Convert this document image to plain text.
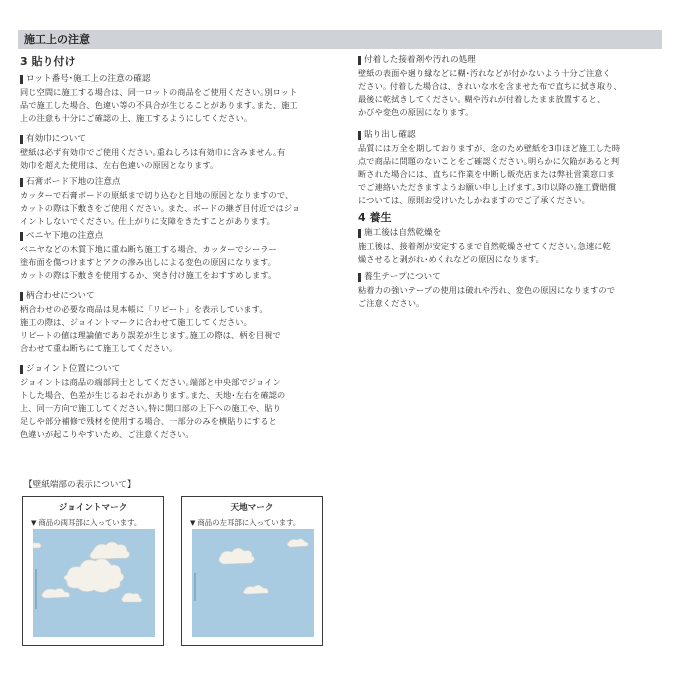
施工上の注意
3 貼り付け
ロット番号･施工上の注意の確認
同じ空間に施工する場合は、同一ロットの商品をご使用ください｡別ロット
品で施工した場合、色違い等の不具合が生じることがあります｡また、施工
上の注意も十分にご確認の上、施工するようにしてください。
有効巾について
壁紙は必ず有効巾でご使用ください｡重ねしろは有効巾に含みません｡有
効巾を超えた使用は、左右色違いの原因となります。
石膏ボード下地の注意点
カッターで石膏ボードの原紙まで切り込むと目地の原因となりますので、
カットの際は下敷きをご使用ください｡ また、ボードの継ぎ目付近ではジョ
イントしないでください｡ 仕上がりに支障をきたすことがあります。
ベニヤ下地の注意点
ベニヤなどの木質下地に重ね断ち施工する場合、カッターでシーラー
塗布面を傷つけますとアクの滲み出しによる変色の原因になります。
カットの際は下敷きを使用するか、突き付け施工をおすすめします。
柄合わせについて
柄合わせの必要な商品は見本帳に「リピート」を表示しています。
施工の際は、ジョイントマークに合わせて施工してください。
リピートの値は理論値であり誤差が生じます｡施工の際は、柄を目視で
合わせて重ね断ちにて施工してください。
ジョイント位置について
ジョイントは商品の端部同士としてください｡端部と中央部でジョイン
トした場合、色差が生じるおそれがあります｡また、天地･左右を確認の
上、同一方向で施工してください｡特に開口部の上下への施工や、貼り
足しや部分補修で残材を使用する場合、一部分のみを横貼りにすると
色違いが起こりやすいため、ご注意ください。
付着した接着剤や汚れの処理
壁紙の表面や廻り縁などに糊･汚れなどが付かないよう十分ご注意く
ださい｡ 付着した場合は、きれいな水を含ませた布で直ちに拭き取り、
最後に乾拭きしてください｡ 糊や汚れが付着したまま放置すると、
かびや変色の原因になります。
貼り出し確認
品質には万全を期しておりますが、念のため壁紙を3巾ほど施工した時
点で商品に問題のないことをご確認ください｡明らかに欠陥があると判
断された場合には、直ちに作業を中断し販売店または弊社営業窓口ま
でご連絡いただきますようお願い申し上げます｡3巾以降の施工費賠償
については、原則お受けいたしかねますのでご了承ください。
4 養生
施工後は自然乾燥を
施工後は、接着剤が安定するまで自然乾燥させてください｡急速に乾
燥させると剥がれ･めくれなどの原因になります。
養生テープについて
粘着力の強いテープの使用は破れや汚れ、変色の原因になりますので
ご注意ください。
【壁紙端部の表示について】
ジョイントマーク
▼ 商品の両耳部に入っています。
天地マーク
▼ 商品の左耳部に入っています。
